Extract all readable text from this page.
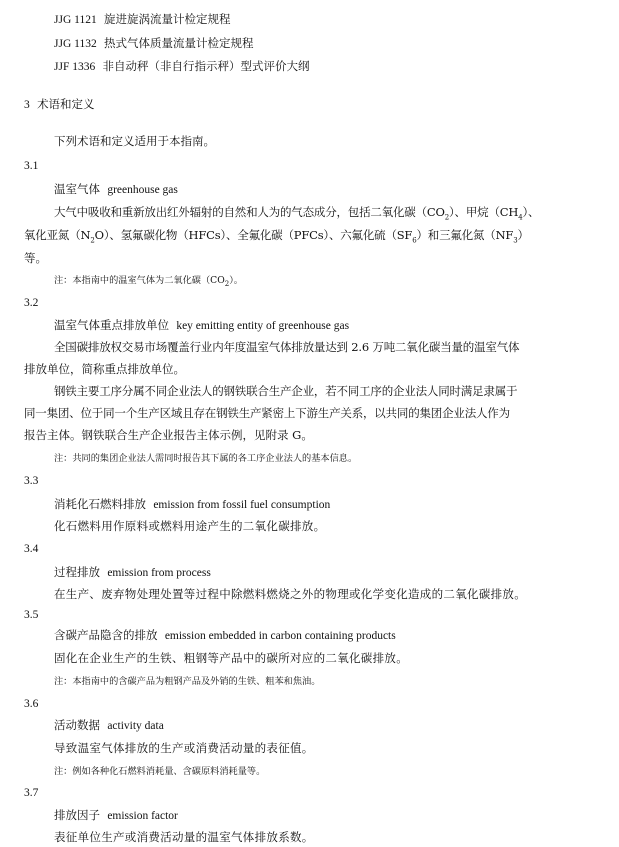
JJG 1121 旋进旋涡流量计检定规程
JJG 1132 热式气体质量流量计检定规程
JJF 1336 非自动秤（非自行指示秤）型式评价大纲
3 术语和定义
下列术语和定义适用于本指南。
3.1
温室气体 greenhouse gas
大气中吸收和重新放出红外辐射的自然和人为的气态成分，包括二氧化碳$(CO_2)$、甲烷$(CH_4)$、
氧化亚氮$(N_2O)$、氢氟碳化物（HFCs）、全氟化碳（PFCs）、六氟化硫$(SF_6)$和三氟化氮$(NF_3)$
等。
注：本指南中的温室气体为二氧化碳$(CO_2)$。
3.2
温室气体重点排放单位 key emitting entity of greenhouse gas
全国碳排放权交易市场覆盖行业内年度温室气体排放量达到 2.6 万吨二氧化碳当量的温室气体
排放单位，简称重点排放单位。
钢铁主要工序分属不同企业法人的钢铁联合生产企业，若不同工序的企业法人同时满足隶属于
同一集团、位于同一个生产区域且存在钢铁生产紧密上下游生产关系，以共同的集团企业法人作为
报告主体。钢铁联合生产企业报告主体示例，见附录 G。
注：共同的集团企业法人需同时报告其下属的各工序企业法人的基本信息。
3.3
消耗化石燃料排放 emission from fossil fuel consumption
化石燃料用作原料或燃料用途产生的二氧化碳排放。
3.4
过程排放 emission from process
在生产、废弃物处理处置等过程中除燃料燃烧之外的物理或化学变化造成的二氧化碳排放。
3.5
含碳产品隐含的排放 emission embedded in carbon containing products
固化在企业生产的生铁、粗钢等产品中的碳所对应的二氧化碳排放。
注：本指南中的含碳产品为粗钢产品及外销的生铁、粗苯和焦油。
3.6
活动数据 activity data
导致温室气体排放的生产或消费活动量的表征值。
注：例如各种化石燃料消耗量、含碳原料消耗量等。
3.7
排放因子 emission factor
表征单位生产或消费活动量的温室气体排放系数。
